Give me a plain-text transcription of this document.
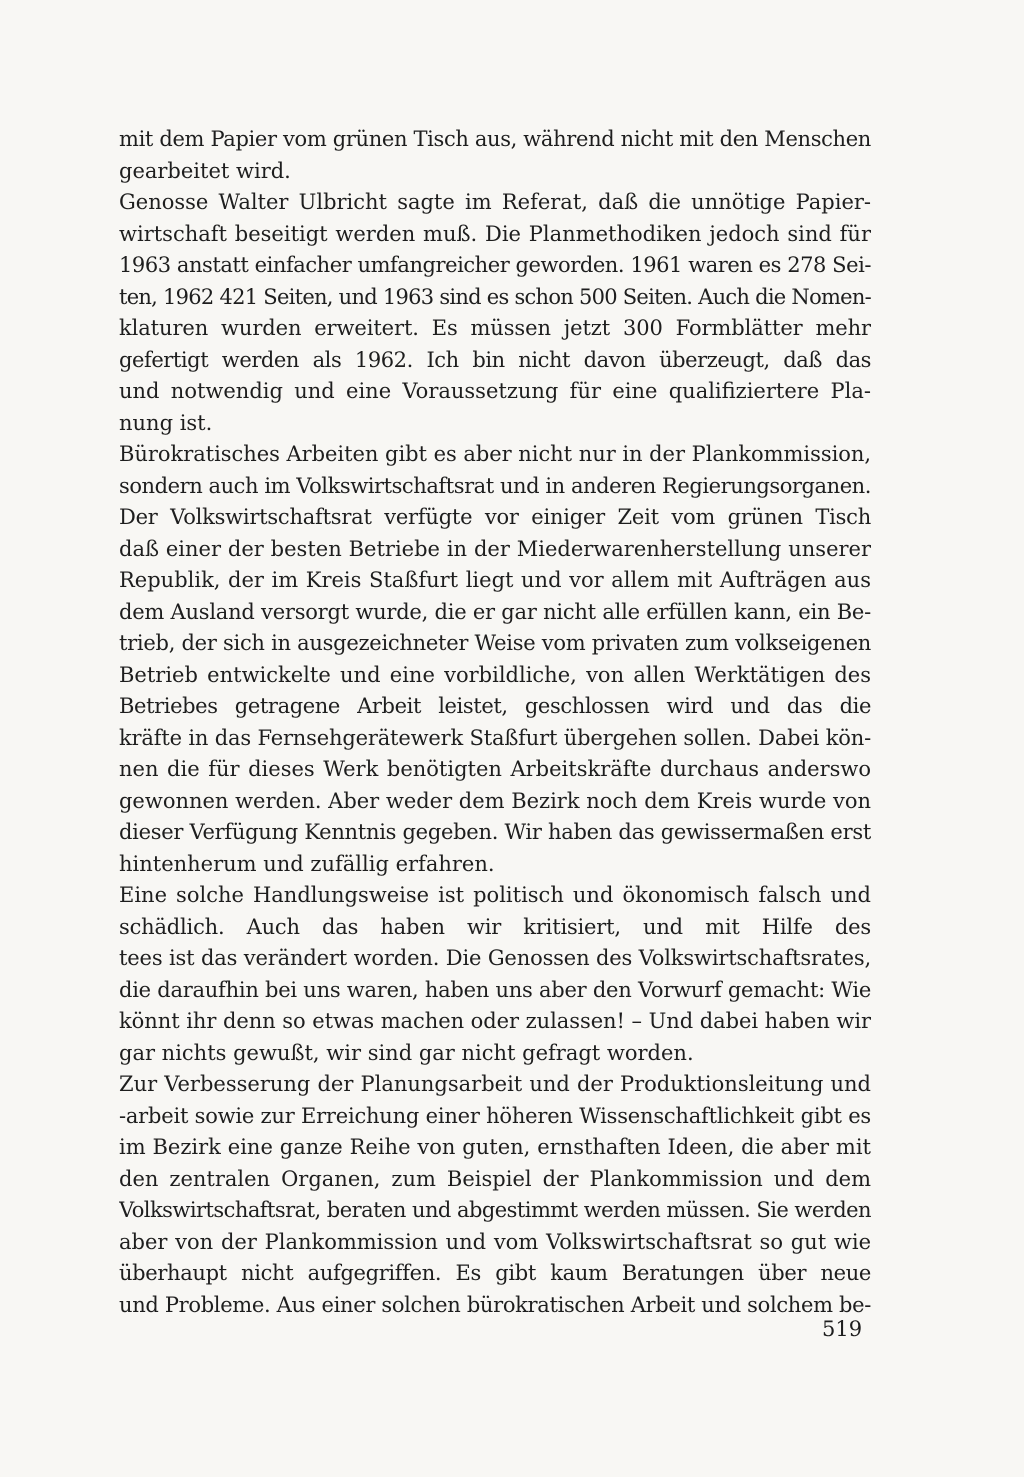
mit dem Papier vom grünen Tisch aus, während nicht mit den Menschen
gearbeitet wird.
Genosse Walter Ulbricht sagte im Referat, daß die unnötige Papier-
wirtschaft beseitigt werden muß. Die Planmethodiken jedoch sind für
1963 anstatt einfacher umfangreicher geworden. 1961 waren es 278 Sei-
ten, 1962 421 Seiten, und 1963 sind es schon 500 Seiten. Auch die Nomen-
klaturen wurden erweitert. Es müssen jetzt 300 Formblätter mehr
gefertigt werden als 1962. Ich bin nicht davon überzeugt, daß das
und notwendig und eine Voraussetzung für eine qualifiziertere Pla-
nung ist.
Bürokratisches Arbeiten gibt es aber nicht nur in der Plankommission,
sondern auch im Volkswirtschaftsrat und in anderen Regierungsorganen.
Der Volkswirtschaftsrat verfügte vor einiger Zeit vom grünen Tisch
daß einer der besten Betriebe in der Miederwarenherstellung unserer
Republik, der im Kreis Staßfurt liegt und vor allem mit Aufträgen aus
dem Ausland versorgt wurde, die er gar nicht alle erfüllen kann, ein Be-
trieb, der sich in ausgezeichneter Weise vom privaten zum volkseigenen
Betrieb entwickelte und eine vorbildliche, von allen Werktätigen des
Betriebes getragene Arbeit leistet, geschlossen wird und das die
kräfte in das Fernsehgerätewerk Staßfurt übergehen sollen. Dabei kön-
nen die für dieses Werk benötigten Arbeitskräfte durchaus anderswo
gewonnen werden. Aber weder dem Bezirk noch dem Kreis wurde von
dieser Verfügung Kenntnis gegeben. Wir haben das gewissermaßen erst
hintenherum und zufällig erfahren.
Eine solche Handlungsweise ist politisch und ökonomisch falsch und
schädlich. Auch das haben wir kritisiert, und mit Hilfe des
tees ist das verändert worden. Die Genossen des Volkswirtschaftsrates,
die daraufhin bei uns waren, haben uns aber den Vorwurf gemacht: Wie
könnt ihr denn so etwas machen oder zulassen! – Und dabei haben wir
gar nichts gewußt, wir sind gar nicht gefragt worden.
Zur Verbesserung der Planungsarbeit und der Produktionsleitung und
-arbeit sowie zur Erreichung einer höheren Wissenschaftlichkeit gibt es
im Bezirk eine ganze Reihe von guten, ernsthaften Ideen, die aber mit
den zentralen Organen, zum Beispiel der Plankommission und dem
Volkswirtschaftsrat, beraten und abgestimmt werden müssen. Sie werden
aber von der Plankommission und vom Volkswirtschaftsrat so gut wie
überhaupt nicht aufgegriffen. Es gibt kaum Beratungen über neue
und Probleme. Aus einer solchen bürokratischen Arbeit und solchem be-
519
